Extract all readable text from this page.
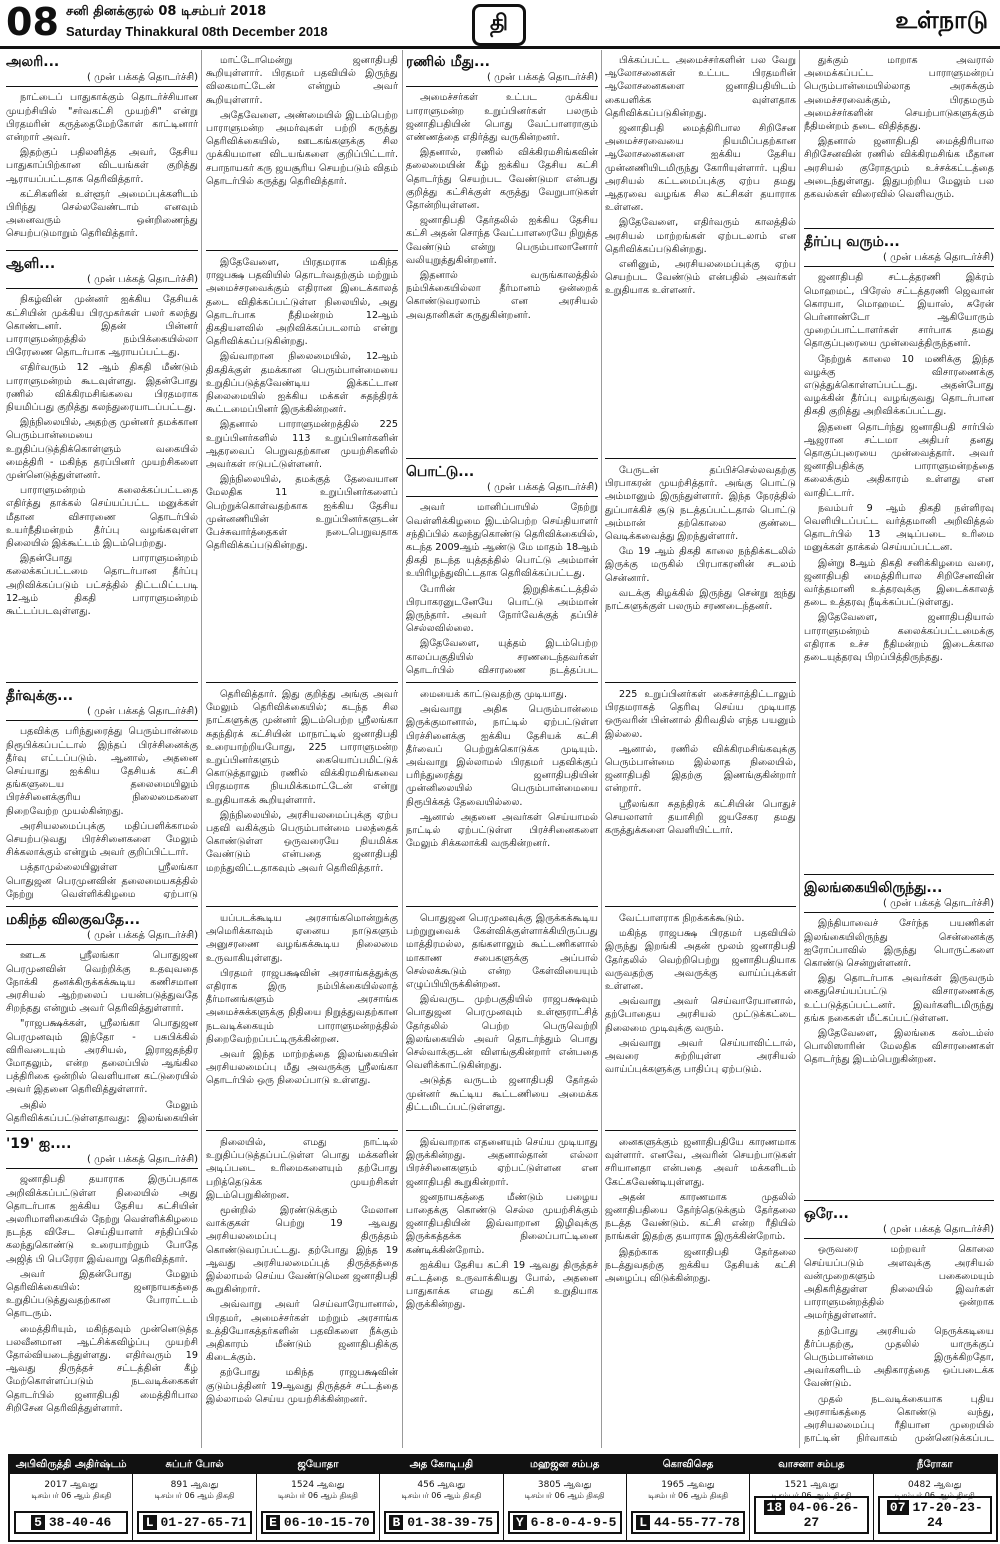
08 சனி தினக்குரல் 08 டிசம்பர் 2018
Saturday Thinakkural 08th December 2018	தி	உள்நாடு
அலரி...
( முன் பக்கத் தொடர்ச்சி)

நாட்டைப் பாதுகாக்கும் தொடர்ச்சியான முயற்சியில் "சர்வகட்சி முயற்சி" என்று பிரதமரின் கருத்தைமேற்கோள் காட்டினார் என்றார் அவர்.

இதற்குப் பதிலளித்த அவர், தேசிய பாதுகாப்பிற்கான விடயங்கள் குறித்து ஆராயப்பட்டதாக தெரிவித்தார்.

கட்சிகளின் உள்ளூர் அமைப்புக்களிடம் பிரிந்து செல்லவேண்டாம் எனவும் அனைவரும் ஒன்றிணைந்து செயற்படுமாறும் தெரிவித்தார்.

ஆளி...
( முன் பக்கத் தொடர்ச்சி)

நிகழ்வின் முன்னர் ஐக்கிய தேசியக் கட்சியின் முக்கிய பிரமுகர்கள் பலர் கலந்து கொண்டனர். இதன் பின்னர் பாராளுமன்றத்தில் நம்பிக்கையில்லா பிரேரணை தொடர்பாக ஆராயப்பட்டது.

எதிர்வரும் 12 ஆம் திகதி மீண்டும் பாராளுமன்றம் கூடவுள்ளது. இதன்போது ரணில் விக்கிரமசிங்கவை பிரதமராக நியமிப்பது குறித்து கலந்துரையாடப்பட்டது.

இந்நிலையில், அதற்கு முன்னர் தமக்கான பெரும்பான்மையை உறுதிப்படுத்திக்கொள்ளும் வகையில் மைத்திரி - மகிந்த தரப்பினர் முயற்சிகளை முன்னெடுத்துள்ளனர்.

பாராளுமன்றம் கலைக்கப்பட்டதை எதிர்த்து தாக்கல் செய்யப்பட்ட மனுக்கள் மீதான விசாரணை தொடர்பில் உயர்நீதிமன்றம் தீர்ப்பு வழங்கவுள்ள நிலையில் இக்கூட்டம் இடம்பெற்றது.

இதன்போது பாராளுமன்றம் கலைக்கப்பட்டமை தொடர்பான தீர்ப்பு அறிவிக்கப்படும் பட்சத்தில் திட்டமிட்டபடி 12ஆம் திகதி பாராளுமன்றம் கூட்டப்படவுள்ளது.

தீர்வுக்கு...
( முன் பக்கத் தொடர்ச்சி)

பதவிக்கு பரிந்துரைத்து பெரும்பான்மை நிரூபிக்கப்பட்டால் இந்தப் பிரச்சினைக்கு தீர்வு எட்டப்படும். ஆனால், அதனை செய்யாது ஐக்கிய தேசியக் கட்சி தங்களுடைய தலைமையிலும் பிரச்சினைக்குரிய நிலைமைகளை நிறைவேற்ற முயல்கின்றது.

அரசியலமைப்புக்கு மதிப்பளிக்காமல் செயற்படுவது பிரச்சினைகளை மேலும் சிக்கலாக்கும் என்றும் அவர் குறிப்பிட்டார்.

பத்தாமுல்லையிலுள்ள ஸ்ரீலங்கா பொதுஜன பெரமுனவின் தலைமையகத்தில் நேற்று வெள்ளிக்கிழமை ஏற்பாடு

மகிந்த விலகுவதே...
( முன் பக்கத் தொடர்ச்சி)

ஊடக ஸ்ரீலங்கா பொதுஜன பெரமுனவின் வெற்றிக்கு உதவுவதை நோக்கி தனக்கிருக்கக்கூடிய கணிசமான அரசியல் ஆற்றலைப் பயன்படுத்துவதே சிறந்தது என்றும் அவர் தெரிவித்துள்ளார்.

"ராஜபக்ஷக்கள், ஸ்ரீலங்கா பொதுஜன பெரமுனவும் இந்தோ - பசுபிக்கில் விரிவடையும் அரசியல், இராஜதந்திர மோதலும், என்ற தலைப்பில் ஆங்கில பத்திரிகை ஒன்றில் வெளியான கட்டுரையில் அவர் இதனை தெரிவித்துள்ளார்.

அதில் மேலும் தெரிவிக்கப்பட்டுள்ளதாவது: இலங்கையின்

'19' ஐ....
( முன் பக்கத் தொடர்ச்சி)

ஜனாதிபதி தயாராக இருப்பதாக அறிவிக்கப்பட்டுள்ள நிலையில் அது தொடர்பாக ஐக்கிய தேசிய கட்சியின் அலரிமாளிகையில் நேற்று வெள்ளிக்கிழமை நடந்த விசேட செய்தியாளர் சந்திப்பில் கலந்துகொண்டு உரையாற்றும் போதே அஜித் பி பெரேரா இவ்வாறு தெரிவித்தார்.

அவர் இதன்போது மேலும் தெரிவிக்கையில்: ஜனநாயகத்தை உறுதிப்படுத்துவதற்கான போராட்டம் தொடரும்.

மைத்திரியும், மகிந்தவும் முன்னெடுத்த பலவீனமான ஆட்சிக்கவிழ்ப்பு முயற்சி தோல்வியடைந்துள்ளது. எதிர்வரும் 19 ஆவது திருத்தச் சட்டத்தின் கீழ் மேற்கொள்ளப்படும் நடவடிக்கைகள் தொடர்பில் ஜனாதிபதி மைத்திரிபால சிறிசேன தெரிவித்துள்ளார்.

மாட்டோமென்று ஜனாதிபதி கூறியுள்ளார். பிரதமர் பதவியில் இருந்து விலகமாட்டேன் என்றும் அவர் கூறியுள்ளார்.

அதேவேளை, அண்மையில் இடம்பெற்ற பாராளுமன்ற அமர்வுகள் பற்றி கருத்து தெரிவிக்கையில், ஊடகங்களுக்கு சில முக்கியமான விடயங்களை குறிப்பிட்டார். சபாநாயகர் கரு ஜயசூரிய செயற்படும் விதம் தொடர்பில் கருத்து தெரிவித்தார்.

இதேவேளை, பிரதமராக மகிந்த ராஜபக்ஷ பதவியில் தொடர்வதற்கும் மற்றும் அமைச்சரவைக்கும் எதிரான இடைக்காலத் தடை விதிக்கப்பட்டுள்ள நிலையில், அது தொடர்பாக நீதிமன்றம் 12ஆம் திகதியளவில் அறிவிக்கப்படலாம் என்று தெரிவிக்கப்படுகின்றது.

இவ்வாறான நிலைமையில், 12ஆம் திகதிக்குள் தமக்கான பெரும்பான்மையை உறுதிப்படுத்தவேண்டிய இக்கட்டான நிலைமையில் ஐக்கிய மக்கள் சுதந்திரக் கூட்டமைப்பினர் இருக்கின்றனர்.

இதனால் பாராளுமன்றத்தில் 225 உறுப்பினர்களில் 113 உறுப்பினர்களின் ஆதரவைப் பெறுவதற்கான முயற்சிகளில் அவர்கள் ஈடுபட்டுள்ளனர்.

இந்நிலையில், தமக்குத் தேவையான மேலதிக 11 உறுப்பினர்களைப் பெற்றுக்கொள்வதற்காக ஐக்கிய தேசிய முன்னணியின் உறுப்பினர்களுடன் பேச்சுவார்த்தைகள் நடைபெறுவதாக தெரிவிக்கப்படுகின்றது.

தெரிவித்தார். இது குறித்து அங்கு அவர் மேலும் தெரிவிக்கையில்; கடந்த சில நாட்களுக்கு முன்னர் இடம்பெற்ற ஸ்ரீலங்கா சுதந்திரக் கட்சியின் மாநாட்டில் ஜனாதிபதி உரையாற்றியபோது, 225 பாராளுமன்ற உறுப்பினர்களும் கையொப்பமிட்டுக் கொடுத்தாலும் ரணில் விக்கிரமசிங்கவை பிரதமராக நியமிக்கமாட்டேன் என்று உறுதியாகக் கூறியுள்ளார்.

இந்நிலையில், அரசியலமைப்புக்கு ஏற்ப பதவி வகிக்கும் பெரும்பான்மை பலத்தைக் கொண்டுள்ள ஒருவரையே நியமிக்க வேண்டும் என்பதை ஜனாதிபதி மறந்துவிட்டதாகவும் அவர் தெரிவித்தார்.

யப்படக்கூடிய அரசாங்கமொன்றுக்கு அமெரிக்காவும் ஏனைய நாடுகளும் அனுசரணை வழங்கக்கூடிய நிலைமை உருவாகியுள்ளது.

பிரதமர் ராஜபக்ஷவின் அரசாங்கத்துக்கு எதிராக இரு நம்பிக்கையில்லாத் தீர்மானங்களும் அரசாங்க அமைச்சுக்களுக்கு நிதியை நிறுத்துவதற்கான நடவடிக்கையும் பாராளுமன்றத்தில் நிறைவேற்றப்பட்டிருக்கின்றன.

அவர் இந்த மாற்றத்தை இலங்கையின் அரசியலமைப்பு மீது அவருக்கு ஸ்ரீலங்கா தொடர்பில் ஒரு நிலைப்பாடு உள்ளது.

நிலையில், எமது நாட்டில் உறுதிப்படுத்தப்பட்டுள்ள பொது மக்களின் அடிப்படை உரிமைகளையும் தற்போது பறித்தெடுக்க முயற்சிகள் இடம்பெறுகின்றன.

மூன்றில் இரண்டுக்கும் மேலான வாக்குகள் பெற்று 19 ஆவது அரசியலமைப்பு திருத்தம் கொண்டுவரப்பட்டது. தற்போது இந்த 19 ஆவது அரசியலமைப்புத் திருத்தத்தை இல்லாமல் செய்ய வேண்டுமென ஜனாதிபதி கூறுகின்றார்.

அவ்வாறு அவர் செய்வாரேயானால், பிரதமர், அமைச்சர்கள் மற்றும் அரசாங்க உத்தியோகத்தர்களின் பதவிகளை நீக்கும் அதிகாரம் மீண்டும் ஜனாதிபதிக்கு கிடைக்கும்.

தற்போது மகிந்த ராஜபக்ஷவின் குடும்பத்தினர் 19ஆவது திருத்தச் சட்டத்தை இல்லாமல் செய்ய முயற்சிக்கின்றனர்.

ரணில் மீது...
( முன் பக்கத் தொடர்ச்சி)

அமைச்சர்கள் உட்பட முக்கிய பாராளுமன்ற உறுப்பினர்கள் பலரும் ஜனாதிபதியின் பொது வேட்பாளராகும் எண்ணத்தை எதிர்த்து வருகின்றனர்.

இதனால், ரணில் விக்கிரமசிங்கவின் தலைமையின் கீழ் ஐக்கிய தேசிய கட்சி தொடர்ந்து செயற்பட வேண்டுமா என்பது குறித்து கட்சிக்குள் கருத்து வேறுபாடுகள் தோன்றியுள்ளன.

ஜனாதிபதி தேர்தலில் ஐக்கிய தேசிய கட்சி அதன் சொந்த வேட்பாளரையே நிறுத்த வேண்டும் என்று பெரும்பாலானோர் வலியுறுத்துகின்றனர்.

இதனால் வருங்காலத்தில் நம்பிக்கையில்லா தீர்மானம் ஒன்றைக் கொண்டுவரலாம் என அரசியல் அவதானிகள் கருதுகின்றனர்.

பொட்டு...
( முன் பக்கத் தொடர்ச்சி)

அவர் மானிப்பாயில் நேற்று வெள்ளிக்கிழமை இடம்பெற்ற செய்தியாளர் சந்திப்பில் கலந்துகொண்டு தெரிவிக்கையில், கடந்த 2009ஆம் ஆண்டு மே மாதம் 18ஆம் திகதி நடந்த யுத்தத்தில் பொட்டு அம்மான் உயிரிழந்துவிட்டதாக தெரிவிக்கப்பட்டது.

போரின் இறுதிக்கட்டத்தில் பிரபாகரனுடனேயே பொட்டு அம்மான் இருந்தார். அவர் நோர்வேக்குத் தப்பிச் செல்லவில்லை.

இதேவேளை, யுத்தம் இடம்பெற்ற காலப்பகுதியில் சரணடைந்தவர்கள் தொடர்பில் விசாரணை நடத்தப்பட

மையைக் காட்டுவதற்கு முடியாது.

அவ்வாறு அதிக பெரும்பான்மை இருக்குமானால், நாட்டில் ஏற்பட்டுள்ள பிரச்சினைக்கு ஐக்கிய தேசியக் கட்சி தீர்வைப் பெற்றுக்கொடுக்க முடியும். அவ்வாறு இல்லாமல் பிரதமர் பதவிக்குப் பரிந்துரைத்து ஜனாதிபதியின் முன்னிலையில் பெரும்பான்மையை நிரூபிக்கத் தேவையில்லை.

ஆனால் அதனை அவர்கள் செய்யாமல் நாட்டில் ஏற்பட்டுள்ள பிரச்சினைகளை மேலும் சிக்கலாக்கி வருகின்றனர்.

பொதுஜன பெரமுனவுக்கு இருக்கக்கூடிய பற்றுறுவைக் கேள்விக்குள்ளாக்கியிருப்பது மாத்திரமல்ல, தங்களாலும் கூட்டணிகளால் மாகாண சபைகளுக்கு அப்பால் செல்லக்கூடும் என்ற கேள்வியையும் எழுப்பியிருக்கின்றன.

இவ்வருட முற்பகுதியில் ராஜபக்ஷவும் பொதுஜன பெரமுனவும் உள்ளூராட்சித் தேர்தலில் பெற்ற பெருவெற்றி இலங்கையில் அவர் தொடர்ந்தும் பொது செல்வாக்குடன் விளங்குகின்றார் என்பதை வெளிக்காட்டுகின்றது.

அடுத்த வருடம் ஜனாதிபதி தேர்தல் முன்னர் கூட்டிய கூட்டணியை அமைக்க திட்டமிடப்பட்டுள்ளது.

இவ்வாறாக எதனையும் செய்ய முடியாது இருக்கின்றது. அதனால்தான் எல்லா பிரச்சினைகளும் ஏற்பட்டுள்ளன என ஜனாதிபதி கூறுகின்றார்.

ஜனநாயகத்தை மீண்டும் பழைய பாதைக்கு கொண்டு செல்ல முயற்சிக்கும் ஜனாதிபதியின் இவ்வாறான இழிவுக்கு இருக்கத்தக்க நிலைப்பாட்டினை கண்டிக்கின்றோம்.

ஐக்கிய தேசிய கட்சி 19 ஆவது திருத்தச் சட்டத்தை உருவாக்கியது போல், அதனை பாதுகாக்க எமது கட்சி உறுதியாக இருக்கின்றது.

பிக்கப்பட்ட அமைச்சர்களின் பல வேறு ஆலோசனைகள் உட்பட பிரதமரின் ஆலோசனைகளை ஜனாதிபதியிடம் கையளிக்க வுள்ளதாக தெரிவிக்கப்படுகின்றது.

ஜனாதிபதி மைத்திரிபால சிறிசேன அமைச்சரவையை நியமிப்பதற்கான ஆலோசனைகளை ஐக்கிய தேசிய முன்னணியிடமிருந்து கோரியுள்ளார். புதிய அரசியல் கட்டமைப்புக்கு ஏற்ப தமது ஆதரவை வழங்க சில கட்சிகள் தயாராக உள்ளன.

இதேவேளை, எதிர்வரும் காலத்தில் அரசியல் மாற்றங்கள் ஏற்படலாம் என தெரிவிக்கப்படுகின்றது.

எனினும், அரசியலமைப்புக்கு ஏற்ப செயற்பட வேண்டும் என்பதில் அவர்கள் உறுதியாக உள்ளனர்.

பேருடன் தப்பிச்செல்லவதற்கு பிரபாகரன் முயற்சித்தார். அங்கு பொட்டு அம்மானும் இருந்துள்ளார். இந்த நேரத்தில் துப்பாக்கிச் சூடு நடத்தப்பட்டதால் பொட்டு அம்மான் தற்கொலை குண்டை வெடிக்கவைத்து இறந்துள்ளார்.

மே 19 ஆம் திகதி காலை நந்திக்கடலில் இருக்கு மருகில் பிரபாகரனின் சடலம் சென்னார்.

வடக்கு கிழக்கில் இருந்து சென்று ஐந்து நாட்களுக்குள் பலரும் சரணடைந்தனர்.

225 உறுப்பினர்கள் கைச்சாத்திட்டாலும் பிரதமராகத் தெரிவு செய்ய முடியாத ஒருவரின் பின்னால் திரிவதில் எந்த பயனும் இல்லை.

ஆனால், ரணில் விக்கிரமசிங்கவுக்கு பெரும்பான்மை இல்லாத நிலையில், ஜனாதிபதி இதற்கு இணங்குகின்றார் என்றார்.

ஸ்ரீலங்கா சுதந்திரக் கட்சியின் பொதுச் செயலாளர் தயாசிறி ஜயசேகர தமது கருத்துக்களை வெளியிட்டார்.

வேட்பாளராக நிறக்கக்கூடும்.

மகிந்த ராஜபக்ஷ பிரதமர் பதவியில் இருந்து இறங்கி அதன் மூலம் ஜனாதிபதி தேர்தலில் வெற்றிபெற்று ஜனாதிபதியாக வருவதற்கு அவருக்கு வாய்ப்புக்கள் உள்ளன.

அவ்வாறு அவர் செய்வாரேயானால், தற்போதைய அரசியல் முட்டுக்கட்டை நிலைமை முடிவுக்கு வரும்.

அவ்வாறு அவர் செய்யாவிட்டால், அவரை சுற்றியுள்ள அரசியல் வாய்ப்புக்களுக்கு பாதிப்பு ஏற்படும்.

னைகளுக்கும் ஜனாதிபதியே காரணமாக வுள்ளார். எனவே, அவரின் செயற்பாடுகள் சரியானதா என்பதை அவர் மக்களிடம் கேட்கவேண்டியுள்ளது.

அதன் காரணமாக முதலில் ஜனாதிபதியை தேர்ந்தெடுக்கும் தேர்தலை நடத்த வேண்டும். கட்சி என்ற ரீதியில் நாங்கள் இதற்கு தயாராக இருக்கின்றோம்.

இதற்காக ஜனாதிபதி தேர்தலை நடத்துவதற்கு ஐக்கிய தேசியக் கட்சி அழைப்பு விடுக்கின்றது.

துக்கும் மாறாக அவரால் அமைக்கப்பட்ட பாராளுமன்றப் பெரும்பான்மையில்லாத அரசுக்கும் அமைச்சரவைக்கும், பிரதமரும் அமைச்சர்களின் செயற்பாடுகளுக்கும் நீதிமன்றம் தடை விதித்தது.

இதனால் ஜனாதிபதி மைத்திரிபால சிறிசேனவின் ரணில் விக்கிரமசிங்க மீதான அரசியல் குரோதமும் உச்சக்கட்டத்தை அடைந்துள்ளது. இதுபற்றிய மேலும் பல தகவல்கள் விரைவில் வெளிவரும்.

தீர்ப்பு வரும்...
( முன் பக்கத் தொடர்ச்சி)

ஜனாதிபதி சட்டத்தரணி இக்ரம் மொஹமட், பிரேஸ் சட்டத்தரணி ஜெவான் கொரயா, மொஹமட் இயாஸ், சுரேன் பெர்னாண்டோ ஆகியோரும் முறைப்பாட்டாளர்கள் சார்பாக தமது தொகுப்புரையை முன்வைத்திருந்தனர்.

நேற்றுக் காலை 10 மணிக்கு இந்த வழக்கு விசாரணைக்கு எடுத்துக்கொள்ளப்பட்டது. அதன்போது வழக்கின் தீர்ப்பு வழங்குவது தொடர்பான திகதி குறித்து அறிவிக்கப்பட்டது.

இதனை தொடர்ந்து ஜனாதிபதி சார்பில் ஆஜரான சட்டமா அதிபர் தனது தொகுப்புரையை முன்வைத்தார். அவர் ஜனாதிபதிக்கு பாராளுமன்றத்தை கலைக்கும் அதிகாரம் உள்ளது என வாதிட்டார்.

நவம்பர் 9 ஆம் திகதி நள்ளிரவு வெளியிடப்பட்ட வர்த்தமானி அறிவித்தல் தொடர்பில் 13 அடிப்படை உரிமை மனுக்கள் தாக்கல் செய்யப்பட்டன.

இன்று 8ஆம் திகதி சனிக்கிழமை வரை, ஜனாதிபதி மைத்திரிபால சிறிசேனவின் வர்த்தமானி உத்தரவுக்கு இடைக்காலத் தடை உத்தரவு நீடிக்கப்பட்டுள்ளது.

இதேவேளை, ஜனாதிபதியால் பாராளுமன்றம் கலைக்கப்பட்டமைக்கு எதிராக உச்ச நீதிமன்றம் இடைக்கால தடையுத்தரவு பிறப்பித்திருந்தது.

இலங்கையிலிருந்து...
( முன் பக்கத் தொடர்ச்சி)

இந்தியாவைச் சேர்ந்த பயணிகள் இலங்கையிலிருந்து சென்னைக்கு ஐரோப்பாவில் இருந்து பொருட்களை கொண்டு சென்றுள்ளனர்.

இது தொடர்பாக அவர்கள் இருவரும் கைதுசெய்யப்பட்டு விசாரணைக்கு உட்படுத்தப்பட்டனர். இவர்களிடமிருந்து தங்க நகைகள் மீட்கப்பட்டுள்ளன.

இதேவேளை, இலங்கை கஸ்டம்ஸ் பொலிஸாரின் மேலதிக விசாரணைகள் தொடர்ந்து இடம்பெறுகின்றன.

ஒரே...
( முன் பக்கத் தொடர்ச்சி)

ஒருவரை மற்றவர் கொலை செய்யப்படும் அளவுக்கு அரசியல் வன்முறைகளும் பகைமையும் அதிகரித்துள்ள நிலையில் இவர்கள் பாராளுமன்றத்தில் ஒன்றாக அமர்ந்துள்ளனர்.

தற்போது அரசியல் நெருக்கடியை தீர்ப்பதற்கு, முதலில் யாருக்குப் பெரும்பான்மை இருக்கிறதோ, அவர்களிடம் அதிகாரத்தை ஒப்படைக்க வேண்டும்.

முதல் நடவடிக்கையாக புதிய அரசாங்கத்தை கொண்டு வந்து, அரசியலமைப்பு ரீதியான முறையில் நாட்டின் நிர்வாகம் முன்னெடுக்கப்பட

அபிவிருத்தி அதிர்ஷ்டம்
2017 ஆவது
டிசம்பர் 06 ஆம் திகதி
5 38-40-46
சுப்பர் போல்
891 ஆவது
டிசம்பர் 06 ஆம் திகதி
L 01-27-65-71
ஜயோதா
1524 ஆவது
டிசம்பர் 06 ஆம் திகதி
E 06-10-15-70
அத கோடிபதி
456 ஆவது
டிசம்பர் 06 ஆம் திகதி
B 01-38-39-75
மஹஜன சம்பத
3805 ஆவது
டிசம்பர் 06 ஆம் திகதி
Y 6-8-0-4-9-5
கொவிசெத
1965 ஆவது
டிசம்பர் 06 ஆம் திகதி
L 44-55-77-78
வாசனா சம்பத
1521 ஆவது
டிசம்பர் 06 ஆம் திகதி
18 04-06-26-27
நீரோகா
0482 ஆவது
டிசம்பர் 06 ஆம் திகதி
07 17-20-23-24
